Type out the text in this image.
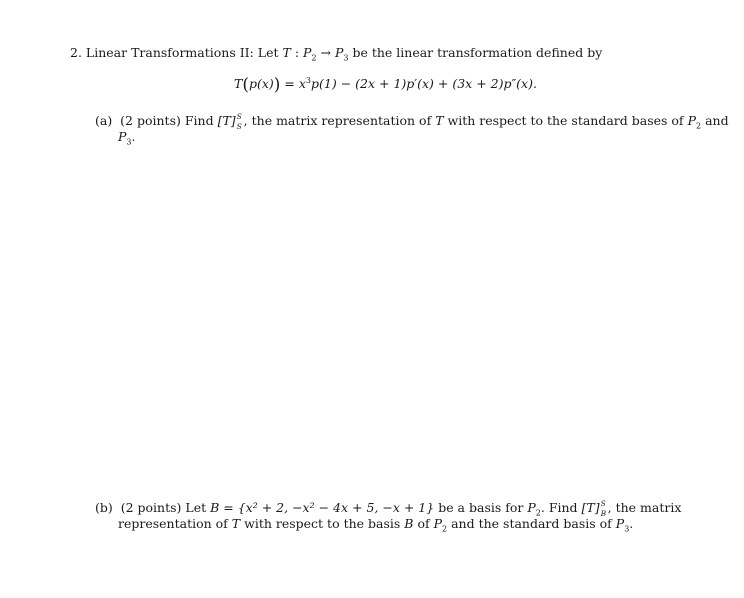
2. Linear Transformations II: Let T : $P_2 \to P_3$ be the linear transformation defined by
$T(p(x)) = x^3p(1) - (2x + 1)p'(x) + (3x + 2)p''(x)$.
(a) (2 points) Find [T] S
S , the matrix representation of T with respect to the standard bases of $P_2$ and
$P_3$.
(b) (2 points) Let B = {x² + 2, −x² − 4x + 5, −x + 1} be a basis for $P_2$. Find [T] S
B , the matrix
representation of T with respect to the basis B of $P_2$ and the standard basis of $P_3$.
